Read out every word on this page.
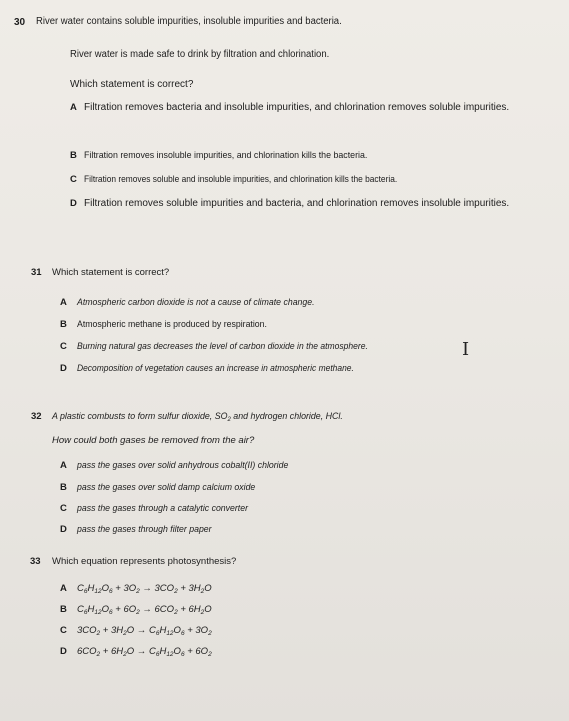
30 River water contains soluble impurities, insoluble impurities and bacteria.
River water is made safe to drink by filtration and chlorination.
Which statement is correct?
A Filtration removes bacteria and insoluble impurities, and chlorination removes soluble impurities.
B Filtration removes insoluble impurities, and chlorination kills the bacteria.
C Filtration removes soluble and insoluble impurities, and chlorination kills the bacteria.
D Filtration removes soluble impurities and bacteria, and chlorination removes insoluble impurities.
31 Which statement is correct?
A Atmospheric carbon dioxide is not a cause of climate change.
B Atmospheric methane is produced by respiration.
C Burning natural gas decreases the level of carbon dioxide in the atmosphere.
D Decomposition of vegetation causes an increase in atmospheric methane.
I
32 A plastic combusts to form sulfur dioxide, $SO_2$ and hydrogen chloride, HCl.
How could both gases be removed from the air?
A pass the gases over solid anhydrous cobalt(II) chloride
B pass the gases over solid damp calcium oxide
C pass the gases through a catalytic converter
D pass the gases through filter paper
33 Which equation represents photosynthesis?
A $C_6H_{12}O_6 + 3O_2 \to 3CO_2 + 3H_2O$
B $C_6H_{12}O_6 + 6O_2 \to 6CO_2 + 6H_2O$
C $3CO_2 + 3H_2O \to C_6H_{12}O_6 + 3O_2$
D $6CO_2 + 6H_2O \to C_6H_{12}O_6 + 6O_2$
